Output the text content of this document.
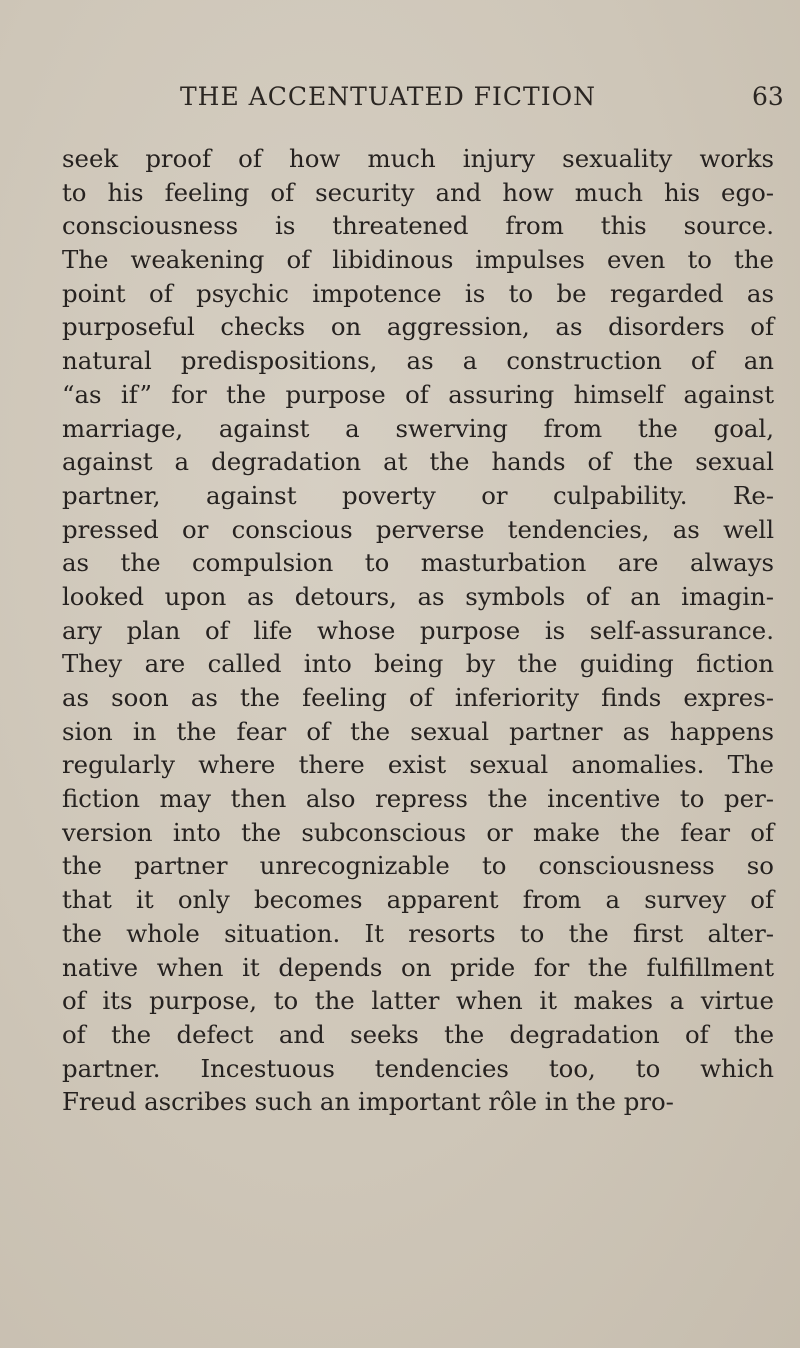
THE ACCENTUATED FICTION	63
seek proof of how much injury sexuality works
to his feeling of security and how much his ego-
consciousness is threatened from this source.
The weakening of libidinous impulses even to the
point of psychic impotence is to be regarded as
purposeful checks on aggression, as disorders of
natural predispositions, as a construction of an
“as if” for the purpose of assuring himself against
marriage, against a swerving from the goal,
against a degradation at the hands of the sexual
partner, against poverty or culpability. Re-
pressed or conscious perverse tendencies, as well
as the compulsion to masturbation are always
looked upon as detours, as symbols of an imagin-
ary plan of life whose purpose is self-assurance.
They are called into being by the guiding fiction
as soon as the feeling of inferiority finds expres-
sion in the fear of the sexual partner as happens
regularly where there exist sexual anomalies. The
fiction may then also repress the incentive to per-
version into the subconscious or make the fear of
the partner unrecognizable to consciousness so
that it only becomes apparent from a survey of
the whole situation. It resorts to the first alter-
native when it depends on pride for the fulfillment
of its purpose, to the latter when it makes a virtue
of the defect and seeks the degradation of the
partner. Incestuous tendencies too, to which
Freud ascribes such an important rôle in the pro-
